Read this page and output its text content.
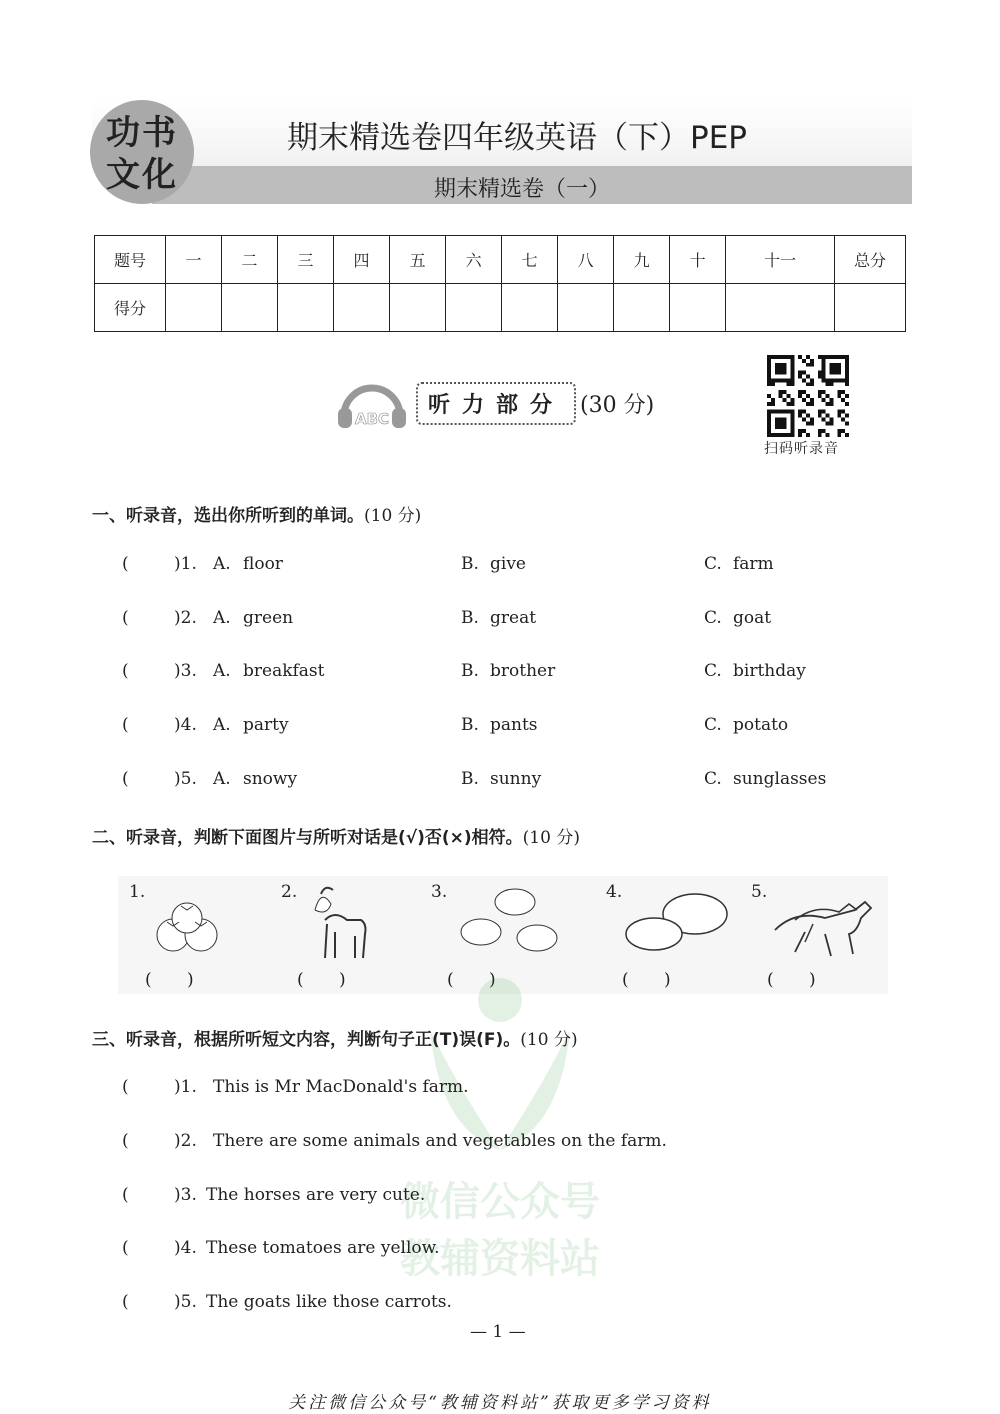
功书
文化
期末精选卷四年级英语（下）PEP
期末精选卷（一）
题号	一	二	三	四	五	六	七	八	九	十	十一	总分
得分												
ABC
听力部分 (30 分)
扫码听录音
一、听录音，选出你所听到的单词。(10 分)
(	)1. A. floor	B. give	C. farm
(	)2. A. green	B. great	C. goat
(	)3. A. breakfast	B. brother	C. birthday
(	)4. A. party	B. pants	C. potato
(	)5. A. snowy	B. sunny	C. sunglasses
二、听录音，判断下面图片与所听对话是(√)否(×)相符。(10 分)
1.
( )
2.
( )
3.
( )
4.
( )
5.
( )
微信公众号
教辅资料站
三、听录音，根据所听短文内容，判断句子正(T)误(F)。(10 分)
(	)1. This is Mr MacDonald's farm.
(	)2. There are some animals and vegetables on the farm.
(	)3. The horses are very cute.
(	)4. These tomatoes are yellow.
(	)5. The goats like those carrots.
— 1 —
关注微信公众号“教辅资料站”获取更多学习资料
